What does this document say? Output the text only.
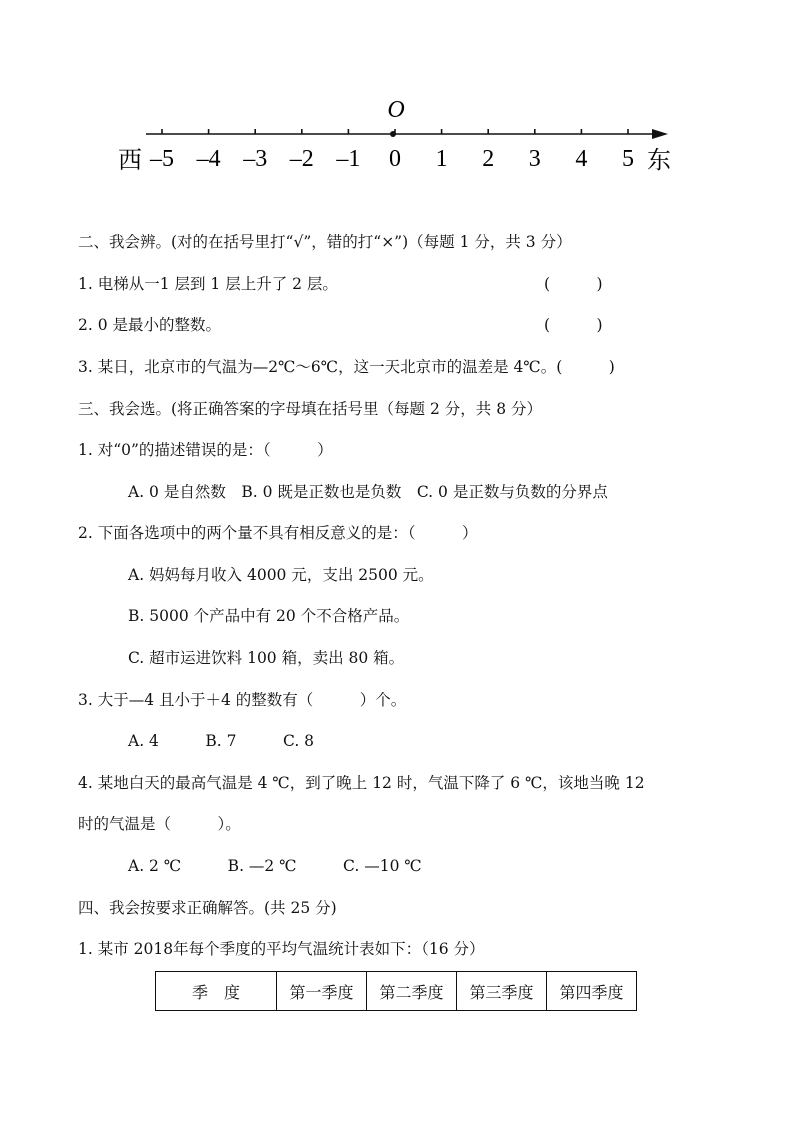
O
西	东
–5 –4 –3 –2 –1 0 1 2 3 4 5
二、我会辨。(对的在括号里打“√”，错的打“×”)（每题 1 分，共 3 分）
1. 电梯从一1 层到 1 层上升了 2 层。	(　　　)
2. 0 是最小的整数。	(　　　)
3. 某日，北京市的气温为—2℃～6℃，这一天北京市的温差是 4℃。(　　　)
三、我会选。(将正确答案的字母填在括号里（每题 2 分，共 8 分）
1. 对“0”的描述错误的是：（　　　）
A. 0 是自然数　B. 0 既是正数也是负数　C. 0 是正数与负数的分界点
2. 下面各选项中的两个量不具有相反意义的是：（　　　）
A. 妈妈每月收入 4000 元，支出 2500 元。
B. 5000 个产品中有 20 个不合格产品。
C. 超市运进饮料 100 箱，卖出 80 箱。
3. 大于—4 且小于＋4 的整数有（　　　）个。
A. 4　　　B. 7　　　C. 8
4. 某地白天的最高气温是 4 ℃，到了晚上 12 时，气温下降了 6 ℃，该地当晚 12
时的气温是（　　　）。
A. 2 ℃　　　B. —2 ℃　　　C. —10 ℃
四、我会按要求正确解答。(共 25 分)
1. 某市 2018年每个季度的平均气温统计表如下：（16 分）
季　度	第一季度	第二季度	第三季度	第四季度
